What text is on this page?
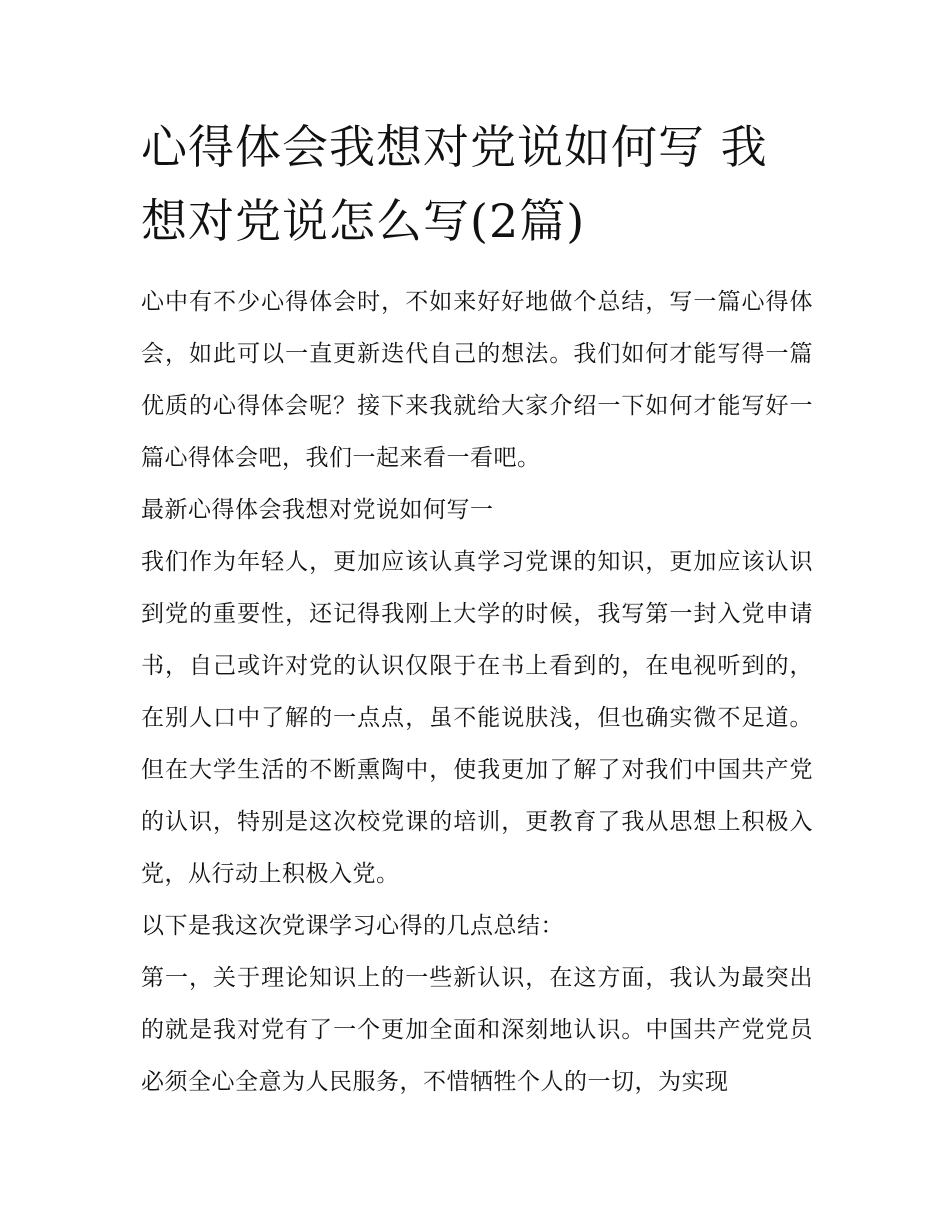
心得体会我想对党说如何写 我想对党说怎么写(2篇)

心中有不少心得体会时，不如来好好地做个总结，写一篇心得体会，如此可以一直更新迭代自己的想法。我们如何才能写得一篇优质的心得体会呢？接下来我就给大家介绍一下如何才能写好一篇心得体会吧，我们一起来看一看吧。

最新心得体会我想对党说如何写一

我们作为年轻人，更加应该认真学习党课的知识，更加应该认识到党的重要性，还记得我刚上大学的时候，我写第一封入党申请书，自己或许对党的认识仅限于在书上看到的，在电视听到的，在别人口中了解的一点点，虽不能说肤浅，但也确实微不足道。但在大学生活的不断熏陶中，使我更加了解了对我们中国共产党的认识，特别是这次校党课的培训，更教育了我从思想上积极入党，从行动上积极入党。

以下是我这次党课学习心得的几点总结：

第一，关于理论知识上的一些新认识，在这方面，我认为最突出的就是我对党有了一个更加全面和深刻地认识。中国共产党党员必须全心全意为人民服务，不惜牺牲个人的一切，为实现
